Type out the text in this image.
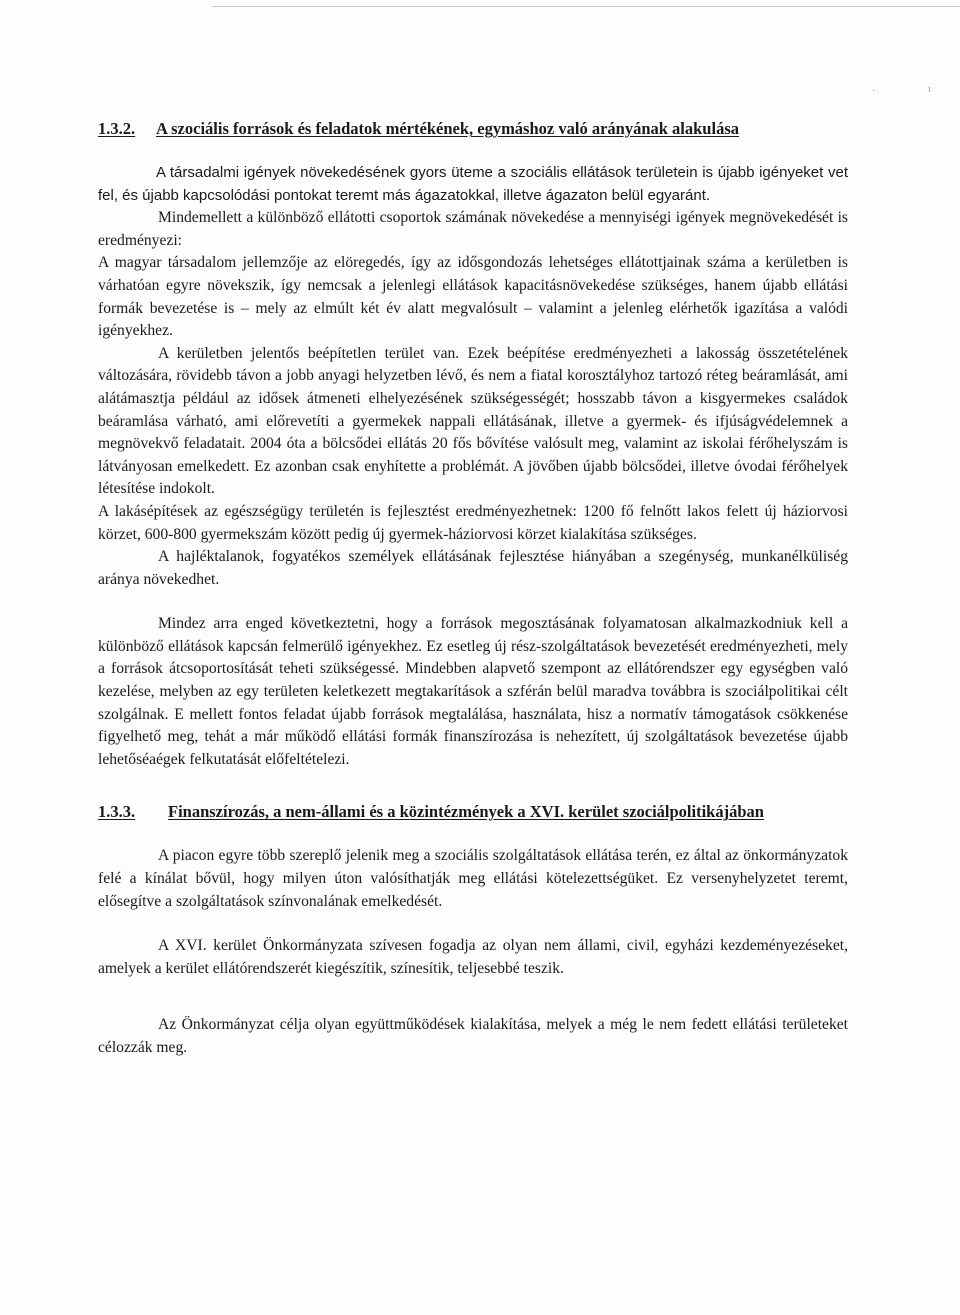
·	ɪ
1.3.2.	A szociális források és feladatok mértékének, egymáshoz való arányának alakulása

A társadalmi igények növekedésének gyors üteme a szociális ellátások területein is újabb igényeket vet fel, és újabb kapcsolódási pontokat teremt más ágazatokkal, illetve ágazaton belül egyaránt.

Mindemellett a különböző ellátotti csoportok számának növekedése a mennyiségi igények megnövekedését is eredményezi:

A magyar társadalom jellemzője az elöregedés, így az idősgondozás lehetséges ellátottjainak száma a kerületben is várhatóan egyre növekszik, így nemcsak a jelenlegi ellátások kapacitásnövekedése szükséges, hanem újabb ellátási formák bevezetése is – mely az elmúlt két év alatt megvalósult – valamint a jelenleg elérhetők igazítása a valódi igényekhez.

A kerületben jelentős beépítetlen terület van. Ezek beépítése eredményezheti a lakosság összetételének változására, rövidebb távon a jobb anyagi helyzetben lévő, és nem a fiatal korosztályhoz tartozó réteg beáramlását, ami alátámasztja például az idősek átmeneti elhelyezésének szükségességét; hosszabb távon a kisgyermekes családok beáramlása várható, ami előrevetíti a gyermekek nappali ellátásának, illetve a gyermek- és ifjúságvédelemnek a megnövekvő feladatait. 2004 óta a bölcsődei ellátás 20 fős bővítése valósult meg, valamint az iskolai férőhelyszám is látványosan emelkedett. Ez azonban csak enyhítette a problémát. A jövőben újabb bölcsődei, illetve óvodai férőhelyek létesítése indokolt.

A lakásépítések az egészségügy területén is fejlesztést eredményezhetnek: 1200 fő felnőtt lakos felett új háziorvosi körzet, 600-800 gyermekszám között pedig új gyermek-háziorvosi körzet kialakítása szükséges.

A hajléktalanok, fogyatékos személyek ellátásának fejlesztése hiányában a szegénység, munkanélküliség aránya növekedhet.

Mindez arra enged következtetni, hogy a források megosztásának folyamatosan alkalmazkodniuk kell a különböző ellátások kapcsán felmerülő igényekhez. Ez esetleg új rész-szolgáltatások bevezetését eredményezheti, mely a források átcsoportosítását teheti szükségessé. Mindebben alapvető szempont az ellátórendszer egy egységben való kezelése, melyben az egy területen keletkezett megtakarítások a szférán belül maradva továbbra is szociálpolitikai célt szolgálnak. E mellett fontos feladat újabb források megtalálása, használata, hisz a normatív támogatások csökkenése figyelhető meg, tehát a már működő ellátási formák finanszírozása is nehezített, új szolgáltatások bevezetése újabb lehetőséaégek felkutatását előfeltételezi.

1.3.3.	Finanszírozás, a nem-állami és a közintézmények a XVI. kerület szociálpolitikájában

A piacon egyre több szereplő jelenik meg a szociális szolgáltatások ellátása terén, ez által az önkormányzatok felé a kínálat bővül, hogy milyen úton valósíthatják meg ellátási kötelezettségüket. Ez versenyhelyzetet teremt, elősegítve a szolgáltatások színvonalának emelkedését.

A XVI. kerület Önkormányzata szívesen fogadja az olyan nem állami, civil, egyházi kezdeményezéseket, amelyek a kerület ellátórendszerét kiegészítik, színesítik, teljesebbé teszik.

Az Önkormányzat célja olyan együttműködések kialakítása, melyek a még le nem fedett ellátási területeket célozzák meg.
